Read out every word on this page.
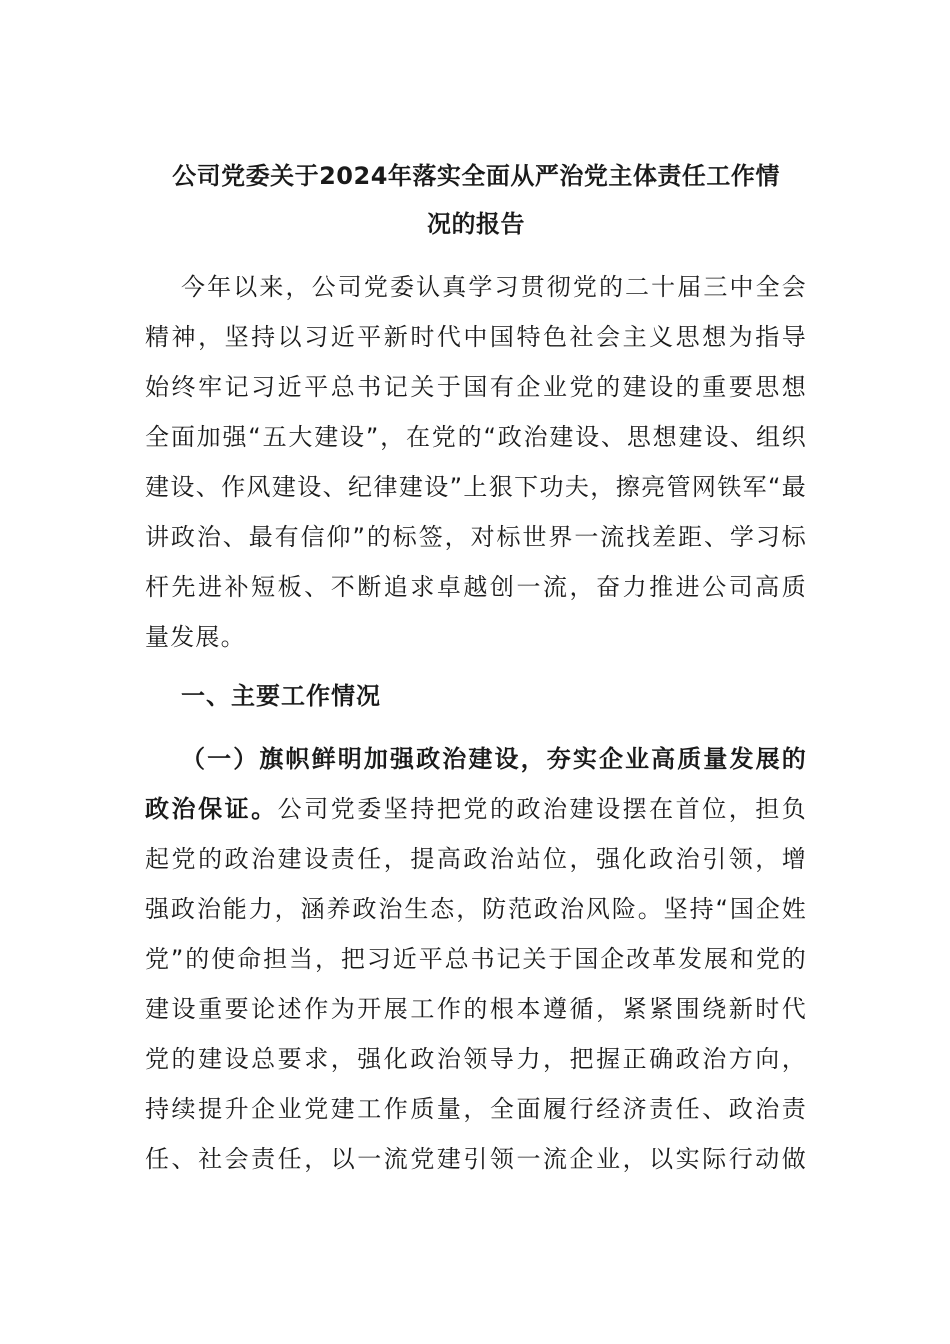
公司党委关于2024年落实全面从严治党主体责任工作情
况的报告
今年以来，公司党委认真学习贯彻党的二十届三中全会
精神，坚持以习近平新时代中国特色社会主义思想为指导
始终牢记习近平总书记关于国有企业党的建设的重要思想
全面加强“五大建设”，在党的“政治建设、思想建设、组织
建设、作风建设、纪律建设”上狠下功夫，擦亮管网铁军“最
讲政治、最有信仰”的标签，对标世界一流找差距、学习标
杆先进补短板、不断追求卓越创一流，奋力推进公司高质
量发展。
一、主要工作情况
（一）旗帜鲜明加强政治建设，夯实企业高质量发展的
政治保证。公司党委坚持把党的政治建设摆在首位，担负
起党的政治建设责任，提高政治站位，强化政治引领，增
强政治能力，涵养政治生态，防范政治风险。坚持“国企姓
党”的使命担当，把习近平总书记关于国企改革发展和党的
建设重要论述作为开展工作的根本遵循，紧紧围绕新时代
党的建设总要求，强化政治领导力，把握正确政治方向，
持续提升企业党建工作质量，全面履行经济责任、政治责
任、社会责任，以一流党建引领一流企业，以实际行动做
